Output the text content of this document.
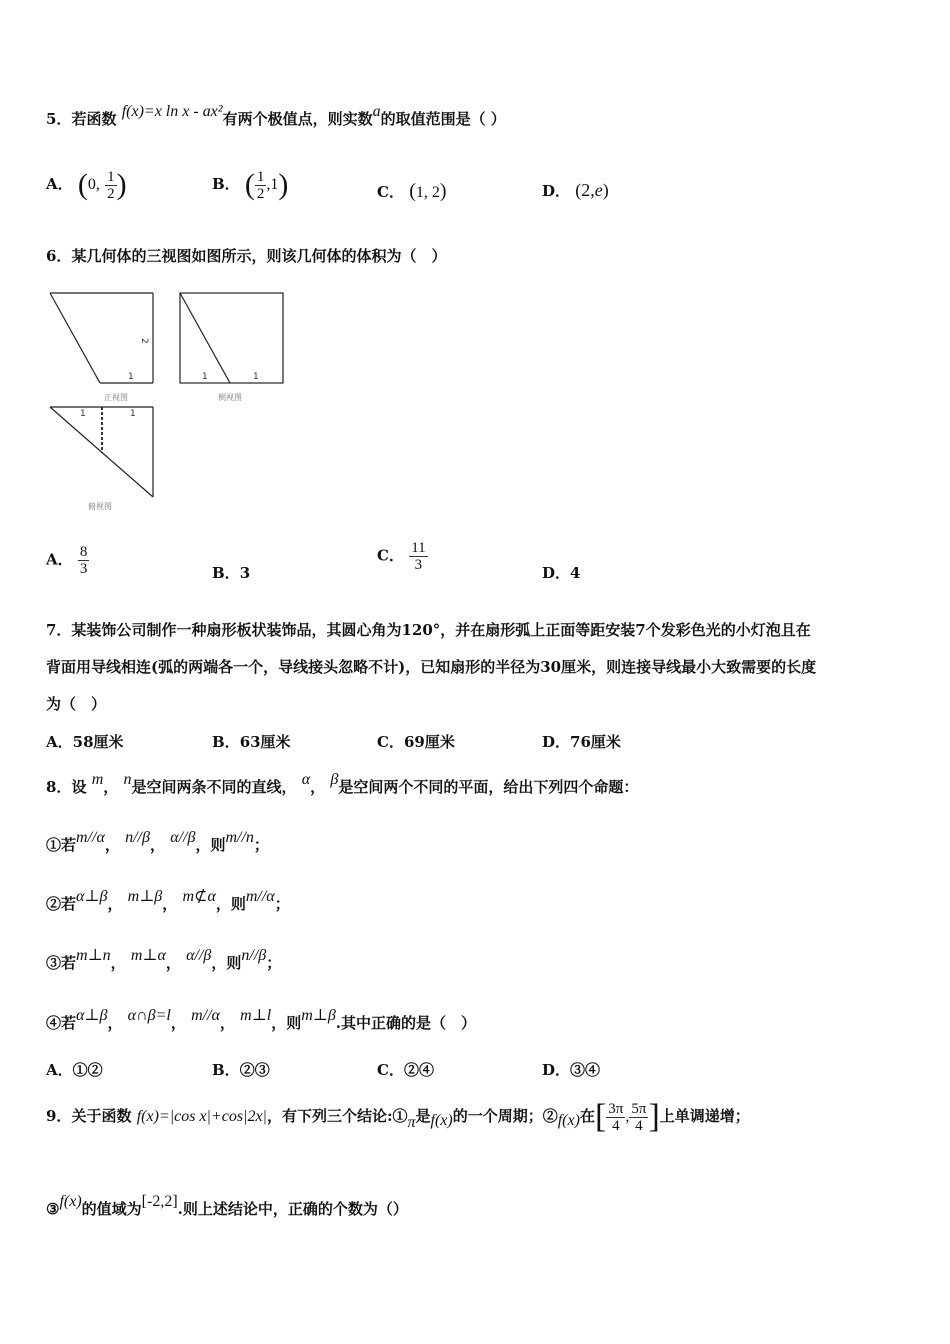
5．若函数 f(x)=x ln x - ax²有两个极值点，则实数a的取值范围是（ ）
A． (0, $\frac{1}{2}$ )	B． ( $\frac{1}{2} ,1$)	C． (1, 2)	D． (2,e)
6．某几何体的三视图如图所示，则该几何体的体积为（　）
2
1
正视图
1	1
侧视图
1	1
俯视图
A． $\frac{8}{3}$	B．3
C． $\frac{11}{3}$	D．4
7．某装饰公司制作一种扇形板状装饰品，其圆心角为120°，并在扇形弧上正面等距安装7个发彩色光的小灯泡且在
背面用导线相连(弧的两端各一个，导线接头忽略不计)，已知扇形的半径为30厘米，则连接导线最小大致需要的长度
为（　）
A．58厘米	B．63厘米	C．69厘米	D．76厘米
8．设 m， n是空间两条不同的直线， α， β是空间两个不同的平面，给出下列四个命题：
①若m//α， n//β， α//β，则m//n；
②若α⊥β， m⊥β， m⊄α，则m//α；
③若m⊥n， m⊥α， α//β，则n//β；
④若α⊥β， α∩β=l， m//α， m⊥l，则m⊥β.其中正确的是（　）
A．①②	B．②③	C．②④	D．③④
9．关于函数 f(x)=|cos x|+cos|2x|，有下列三个结论:①π是f(x)的一个周期；②f(x)在[ $\frac{3\pi}{4}$ , $\frac{5\pi}{4}$ ]上单调递增；
③f(x)的值域为[-2,2].则上述结论中，正确的个数为（）
